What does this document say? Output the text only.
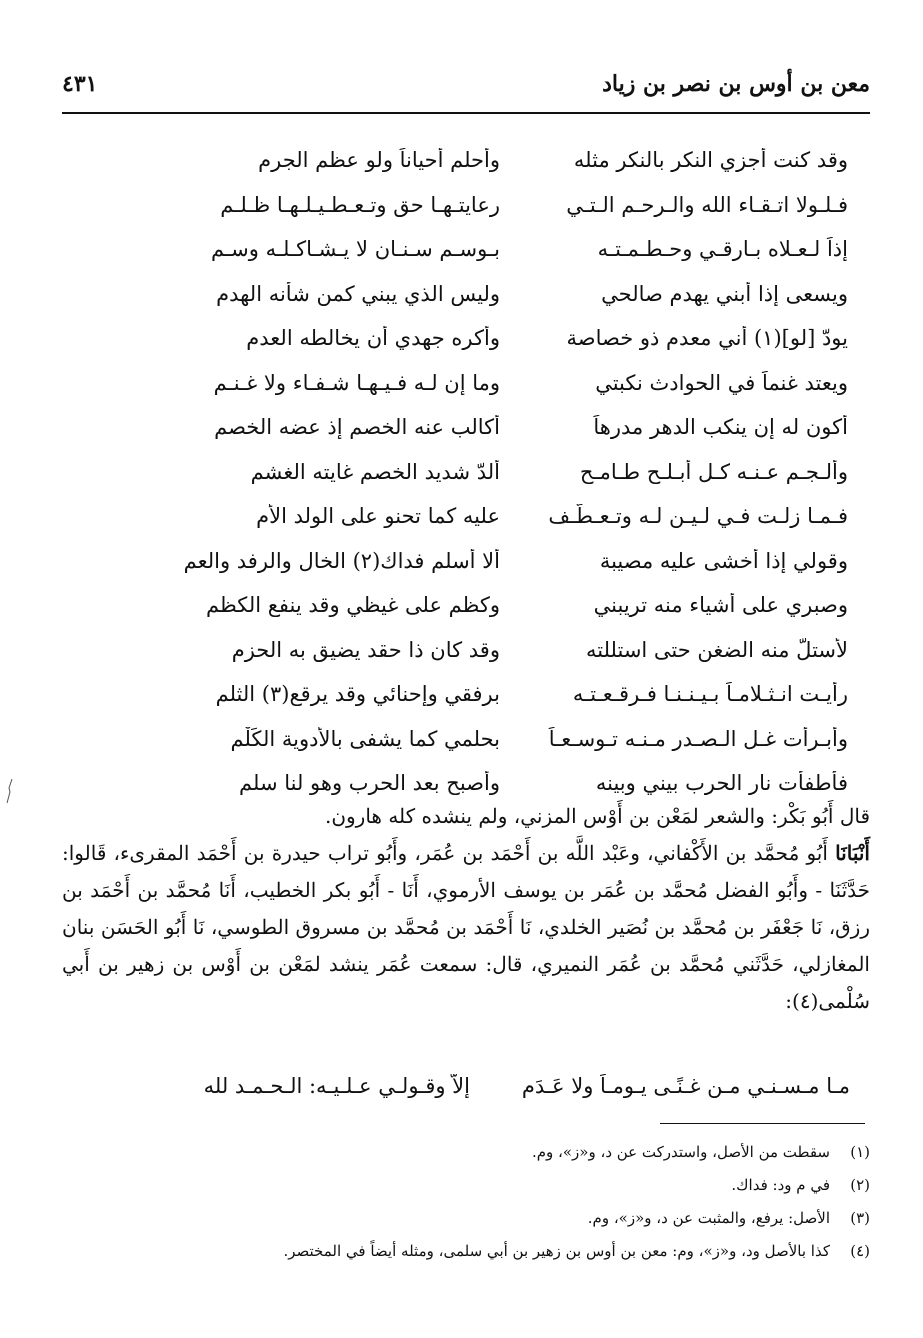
معن بن أوس بن نصر بن زياد
٤٣١
وقد كنت أجزي النكر بالنكر مثله
وأحلم أحياناً ولو عظم الجرم
فـلـولا اتـقـاء الله والـرحـم الـتـي
رعايتـهـا حق وتـعـطـيـلـهـا ظـلـم
إذاً لـعـلاه بـارقـي وحـطـمـتـه
بـوسـم سـنـان لا يـشـاكـلـه وسـم
ويسعى إذا أبني يهدم صالحي
وليس الذي يبني كمن شأنه الهدم
يودّ [لو](١) أني معدم ذو خصاصة
وأكره جهدي أن يخالطه العدم
ويعتد غنماً في الحوادث نكبتي
وما إن لـه فـيـهـا شـفـاء ولا غـنـم
أكون له إن ينكب الدهر مدرهاً
أكالب عنه الخصم إذ عضه الخصم
وألـجـم عـنـه كـل أبـلـح طـامـح
ألدّ شديد الخصم غايته الغشم
فـمـا زلـت فـي لـيـن لـه وتـعـطّـف
عليه كما تحنو على الولد الأم
وقولي إذا أخشى عليه مصيبة
ألا أسلم فداك(٢) الخال والرفد والعم
وصبري على أشياء منه تريبني
وكظم على غيظي وقد ينفع الكظم
لأستلّ منه الضغن حتى استللته
وقد كان ذا حقد يضيق به الحزم
رأيـت انـثـلامـاً بـيـنـنـا فـرقـعـتـه
برفقي وإحنائي وقد يرقع(٣) الثلم
وأبـرأت غـل الـصـدر مـنـه تـوسـعـاً
بحلمي كما يشفى بالأدوية الكَلْم
فأطفأت نار الحرب بيني وبينه
وأصبح بعد الحرب وهو لنا سلم

قال أَبُو بَكْر: والشعر لمَعْن بن أَوْس المزني، ولم ينشده كله هارون.

أَنْبَانَا أَبُو مُحمَّد بن الأَكْفاني، وعَبْد اللَّه بن أَحْمَد بن عُمَر، وأَبُو تراب حيدرة بن أَحْمَد المقرىء، قَالوا: حَدَّثَنَا - وأَبُو الفضل مُحمَّد بن عُمَر بن يوسف الأرموي، أَنَا - أَبُو بكر الخطيب، أَنَا مُحمَّد بن أَحْمَد بن رزق، نَا جَعْفَر بن مُحمَّد بن نُصَير الخلدي، نَا أَحْمَد بن مُحمَّد بن مسروق الطوسي، نَا أَبُو الحَسَن بنان المغازلي، حَدَّثَني مُحمَّد بن عُمَر النميري، قال: سمعت عُمَر ينشد لمَعْن بن أَوْس بن زهير بن أَبي سُلْمى(٤):

مـا مـسـنـي مـن غـنًـى يـومـاً ولا عَـدَمِ
إلاّ وقـولـي عـلـيـه: الـحـمـد لله
(١)
سقطت من الأصل، واستدركت عن د، و«ز»، وم.
(٢)
في م ود: فداك.
(٣)
الأصل: يرفع، والمثبت عن د، و«ز»، وم.
(٤)
كذا بالأصل ود، و«ز»، وم: معن بن أوس بن زهير بن أبي سلمى، ومثله أيضاً في المختصر.
